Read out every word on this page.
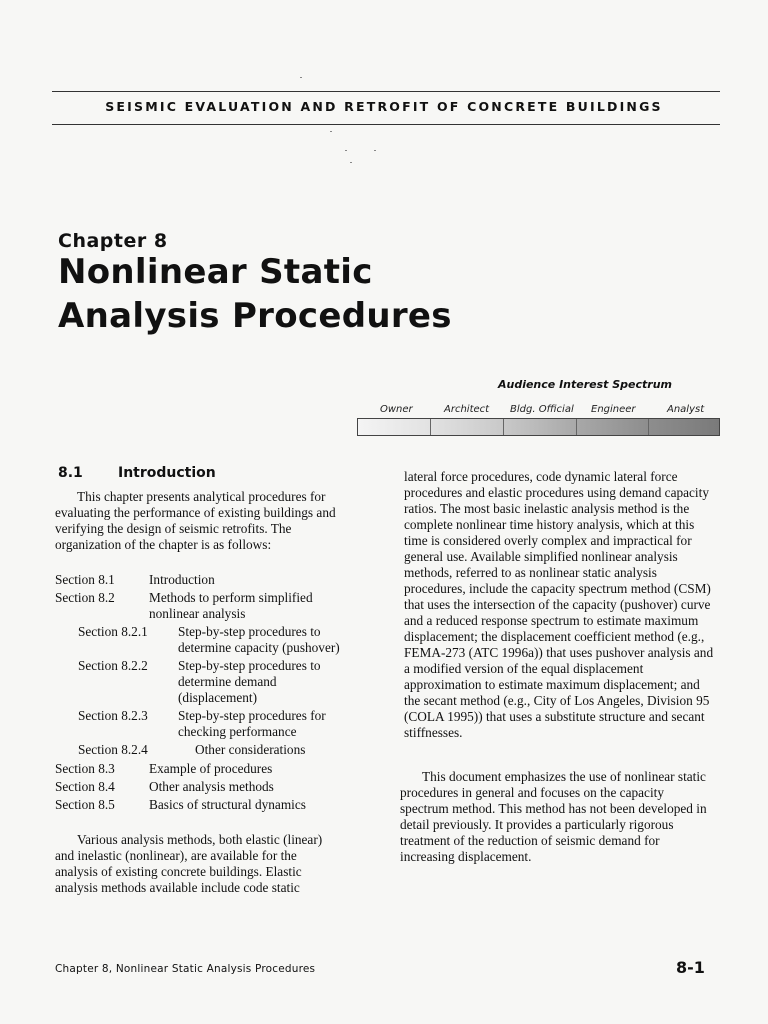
SEISMIC EVALUATION AND RETROFIT OF CONCRETE BUILDINGS
Chapter 8
Nonlinear Static
Analysis Procedures
Audience Interest Spectrum
Owner	Architect Bldg. Official Engineer	Analyst
8.1	Introduction

This chapter presents analytical procedures for evaluating the performance of existing buildings and verifying the design of seismic retrofits. The organization of the chapter is as follows:

Section 8.1	Introduction
Section 8.2	Methods to perform simplified nonlinear analysis
Section 8.2.1	Step-by-step procedures to determine capacity (pushover)
Section 8.2.2	Step-by-step procedures to determine demand (displacement)
Section 8.2.3	Step-by-step procedures for checking performance
Section 8.2.4	Other considerations
Section 8.3	Example of procedures
Section 8.4	Other analysis methods
Section 8.5	Basics of structural dynamics

Various analysis methods, both elastic (linear) and inelastic (nonlinear), are available for the analysis of existing concrete buildings. Elastic analysis methods available include code static

lateral force procedures, code dynamic lateral force procedures and elastic procedures using demand capacity ratios. The most basic inelastic analysis method is the complete nonlinear time history analysis, which at this time is considered overly complex and impractical for general use. Available simplified nonlinear analysis methods, referred to as nonlinear static analysis procedures, include the capacity spectrum method (CSM) that uses the intersection of the capacity (pushover) curve and a reduced response spectrum to estimate maximum displacement; the displacement coefficient method (e.g., FEMA-273 (ATC 1996a)) that uses pushover analysis and a modified version of the equal displacement approximation to estimate maximum displacement; and the secant method (e.g., City of Los Angeles, Division 95 (COLA 1995)) that uses a substitute structure and secant stiffnesses.

This document emphasizes the use of nonlinear static procedures in general and focuses on the capacity spectrum method. This method has not been developed in detail previously. It provides a particularly rigorous treatment of the reduction of seismic demand for increasing displacement.

Chapter 8, Nonlinear Static Analysis Procedures	8-1
